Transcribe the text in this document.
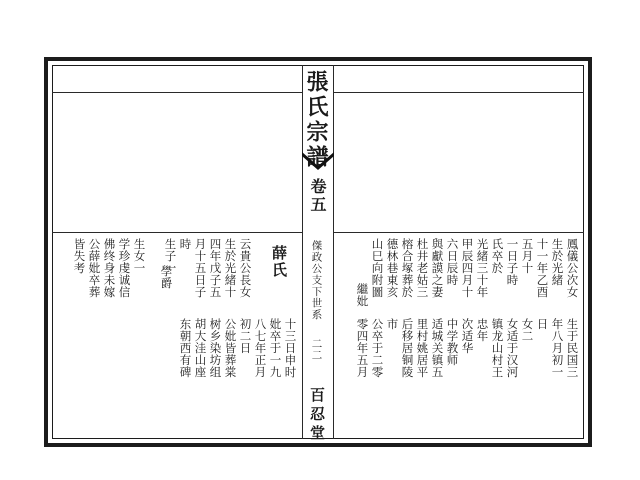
張氏宗譜
卷五
傑政公支下世系
二二
百忍堂
鳳儀公次女
生於光緒
十一年乙酉
五月十
一日子時
氏卒於
光緒三十年
甲辰四月十
六日辰時
與獻謨之妻
杜井老姑三
榕合塚葬於
德林巷東亥
山巳向附圖
繼妣
生于民国三
年八月初一
日
女二
女适于汉河
镇龙山村王
忠年
次适华
中学教师
适城关镇五
里村姚居平
后移居铜陵
市
公卒于二零
零四年五月
十三日申时
妣卒于一九
八七年正月
初二日
公妣皆葬棠
树乡染坊组
胡大洼山座
东朝西有碑
云貴公長女
生於光緒十
四年戊子五
月十五日子
時
生子一
生女一
学珍虔诚信
佛终身未嫁
公薛妣卒葬
皆失考	薛氏
學爵
